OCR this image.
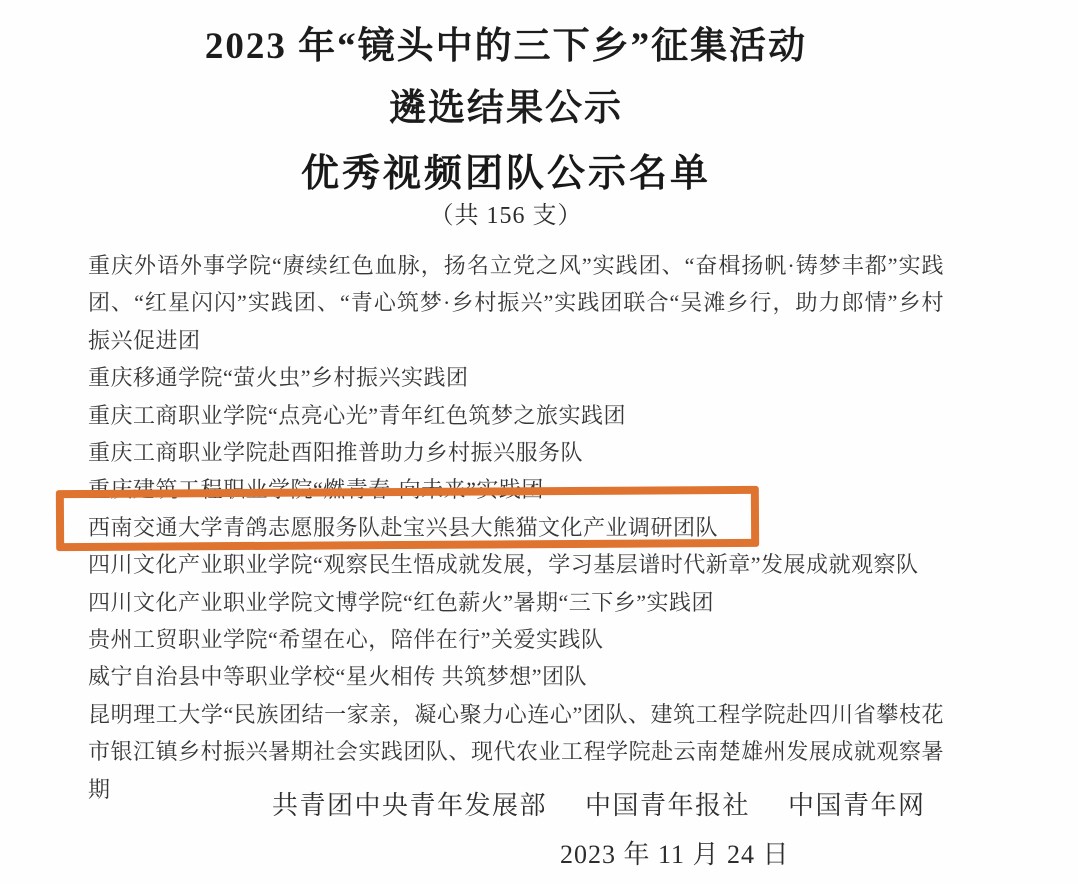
2023 年“镜头中的三下乡”征集活动
遴选结果公示
优秀视频团队公示名单
（共 156 支）

重庆外语外事学院“赓续红色血脉，扬名立党之风”实践团、“奋楫扬帆·铸梦丰都”实践团、“红星闪闪”实践团、“青心筑梦·乡村振兴”实践团联合“吴滩乡行，助力郎情”乡村振兴促进团

重庆移通学院“萤火虫”乡村振兴实践团

重庆工商职业学院“点亮心光”青年红色筑梦之旅实践团

重庆工商职业学院赴酉阳推普助力乡村振兴服务队

重庆建筑工程职业学院“燃青春·向未来”实践团

西南交通大学青鸽志愿服务队赴宝兴县大熊猫文化产业调研团队

四川文化产业职业学院“观察民生悟成就发展，学习基层谱时代新章”发展成就观察队

四川文化产业职业学院文博学院“红色薪火”暑期“三下乡”实践团

贵州工贸职业学院“希望在心，陪伴在行”关爱实践队

威宁自治县中等职业学校“星火相传 共筑梦想”团队

昆明理工大学“民族团结一家亲，凝心聚力心连心”团队、建筑工程学院赴四川省攀枝花市银江镇乡村振兴暑期社会实践团队、现代农业工程学院赴云南楚雄州发展成就观察暑期

共青团中央青年发展部 中国青年报社 中国青年网
2023 年 11 月 24 日
